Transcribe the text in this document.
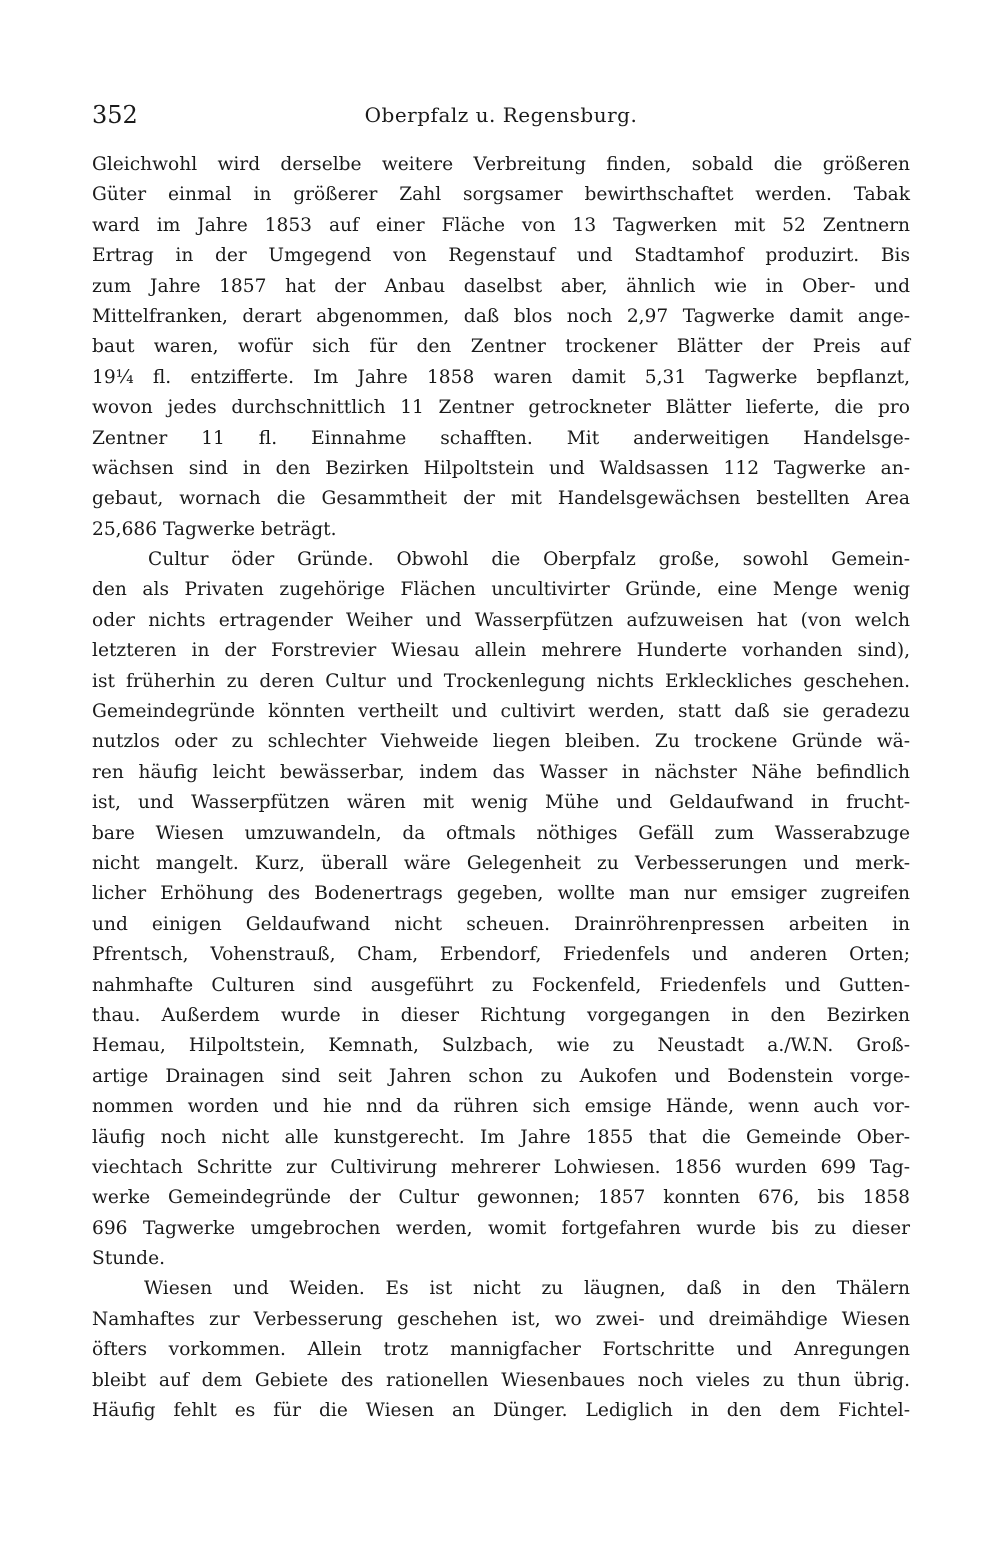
352	Oberpfalz u. Regensburg.
Gleichwohl wird derselbe weitere Verbreitung finden, sobald die größeren
Güter einmal in größerer Zahl sorgsamer bewirthschaftet werden. Tabak
ward im Jahre 1853 auf einer Fläche von 13 Tagwerken mit 52 Zentnern
Ertrag in der Umgegend von Regenstauf und Stadtamhof produzirt. Bis
zum Jahre 1857 hat der Anbau daselbst aber, ähnlich wie in Ober- und
Mittelfranken, derart abgenommen, daß blos noch 2,97 Tagwerke damit ange-
baut waren, wofür sich für den Zentner trockener Blätter der Preis auf
19¼ fl. entzifferte. Im Jahre 1858 waren damit 5,31 Tagwerke bepflanzt,
wovon jedes durchschnittlich 11 Zentner getrockneter Blätter lieferte, die pro
Zentner 11 fl. Einnahme schafften. Mit anderweitigen Handelsge-
wächsen sind in den Bezirken Hilpoltstein und Waldsassen 112 Tagwerke an-
gebaut, wornach die Gesammtheit der mit Handelsgewächsen bestellten Area
25,686 Tagwerke beträgt.
Cultur öder Gründe. Obwohl die Oberpfalz große, sowohl Gemein-
den als Privaten zugehörige Flächen uncultivirter Gründe, eine Menge wenig
oder nichts ertragender Weiher und Wasserpfützen aufzuweisen hat (von welch
letzteren in der Forstrevier Wiesau allein mehrere Hunderte vorhanden sind),
ist früherhin zu deren Cultur und Trockenlegung nichts Erkleckliches geschehen.
Gemeindegründe könnten vertheilt und cultivirt werden, statt daß sie geradezu
nutzlos oder zu schlechter Viehweide liegen bleiben. Zu trockene Gründe wä-
ren häufig leicht bewässerbar, indem das Wasser in nächster Nähe befindlich
ist, und Wasserpfützen wären mit wenig Mühe und Geldaufwand in frucht-
bare Wiesen umzuwandeln, da oftmals nöthiges Gefäll zum Wasserabzuge
nicht mangelt. Kurz, überall wäre Gelegenheit zu Verbesserungen und merk-
licher Erhöhung des Bodenertrags gegeben, wollte man nur emsiger zugreifen
und einigen Geldaufwand nicht scheuen. Drainröhrenpressen arbeiten in
Pfrentsch, Vohenstrauß, Cham, Erbendorf, Friedenfels und anderen Orten;
nahmhafte Culturen sind ausgeführt zu Fockenfeld, Friedenfels und Gutten-
thau. Außerdem wurde in dieser Richtung vorgegangen in den Bezirken
Hemau, Hilpoltstein, Kemnath, Sulzbach, wie zu Neustadt a./W.N. Groß-
artige Drainagen sind seit Jahren schon zu Aukofen und Bodenstein vorge-
nommen worden und hie nnd da rühren sich emsige Hände, wenn auch vor-
läufig noch nicht alle kunstgerecht. Im Jahre 1855 that die Gemeinde Ober-
viechtach Schritte zur Cultivirung mehrerer Lohwiesen. 1856 wurden 699 Tag-
werke Gemeindegründe der Cultur gewonnen; 1857 konnten 676, bis 1858
696 Tagwerke umgebrochen werden, womit fortgefahren wurde bis zu dieser
Stunde.
Wiesen und Weiden. Es ist nicht zu läugnen, daß in den Thälern
Namhaftes zur Verbesserung geschehen ist, wo zwei- und dreimähdige Wiesen
öfters vorkommen. Allein trotz mannigfacher Fortschritte und Anregungen
bleibt auf dem Gebiete des rationellen Wiesenbaues noch vieles zu thun übrig.
Häufig fehlt es für die Wiesen an Dünger. Lediglich in den dem Fichtel-
